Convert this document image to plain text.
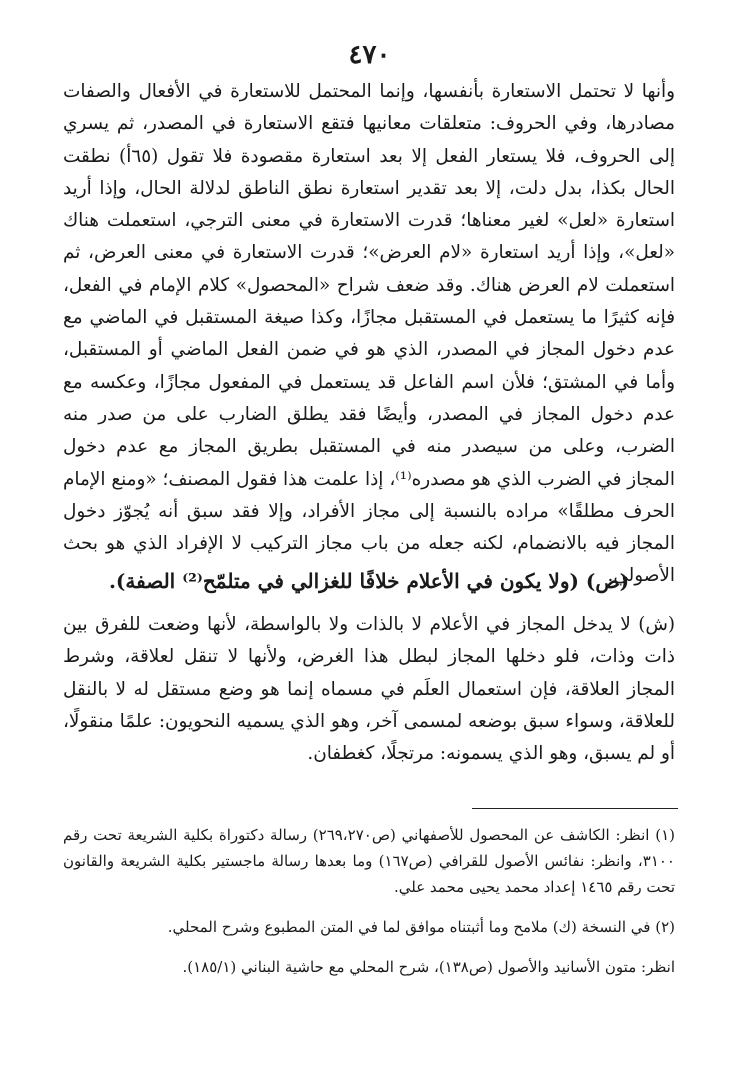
٤٧٠

وأنها لا تحتمل الاستعارة بأنفسها، وإنما المحتمل للاستعارة في الأفعال والصفات مصادرها، وفي الحروف: متعلقات معانيها فتقع الاستعارة في المصدر، ثم يسري إلى الحروف، فلا يستعار الفعل إلا بعد استعارة مقصودة فلا تقول (٦٥أ) نطقت الحال بكذا، بدل دلت، إلا بعد تقدير استعارة نطق الناطق لدلالة الحال، وإذا أريد استعارة «لعل» لغير معناها؛ قدرت الاستعارة في معنى الترجي، استعملت هناك «لعل»، وإذا أريد استعارة «لام العرض»؛ قدرت الاستعارة في معنى العرض، ثم استعملت لام العرض هناك. وقد ضعف شراح «المحصول» كلام الإمام في الفعل، فإنه كثيرًا ما يستعمل في المستقبل مجازًا، وكذا صيغة المستقبل في الماضي مع عدم دخول المجاز في المصدر، الذي هو في ضمن الفعل الماضي أو المستقبل، وأما في المشتق؛ فلأن اسم الفاعل قد يستعمل في المفعول مجازًا، وعكسه مع عدم دخول المجاز في المصدر، وأيضًا فقد يطلق الضارب على من صدر منه الضرب، وعلى من سيصدر منه في المستقبل بطريق المجاز مع عدم دخول المجاز في الضرب الذي هو مصدره⁽¹⁾، إذا علمت هذا فقول المصنف؛ «ومنع الإمام الحرف مطلقًا» مراده بالنسبة إلى مجاز الأفراد، وإلا فقد سبق أنه يُجوّز دخول المجاز فيه بالانضمام، لكنه جعله من باب مجاز التركيب لا الإفراد الذي هو بحث الأصولي.

(ص) (ولا يكون في الأعلام خلافًا للغزالي في متلمّح⁽²⁾ الصفة).

(ش) لا يدخل المجاز في الأعلام لا بالذات ولا بالواسطة، لأنها وضعت للفرق بين ذات وذات، فلو دخلها المجاز لبطل هذا الغرض، ولأنها لا تنقل لعلاقة، وشرط المجاز العلاقة، فإن استعمال العلَم في مسماه إنما هو وضع مستقل له لا بالنقل للعلاقة، وسواء سبق بوضعه لمسمى آخر، وهو الذي يسميه النحويون: علمًا منقولًا، أو لم يسبق، وهو الذي يسمونه: مرتجلًا، كغطفان.

(١) انظر: الكاشف عن المحصول للأصفهاني (ص٢٦٩،٢٧٠) رسالة دكتوراة بكلية الشريعة تحت رقم ٣١٠٠، وانظر: نفائس الأصول للقرافي (ص١٦٧) وما بعدها رسالة ماجستير بكلية الشريعة والقانون تحت رقم ١٤٦٥ إعداد محمد يحيى محمد علي.

(٢) في النسخة (ك) ملامح وما أثبتناه موافق لما في المتن المطبوع وشرح المحلي.

انظر: متون الأسانيد والأصول (ص١٣٨)، شرح المحلي مع حاشية البناني (١٨٥/١).
